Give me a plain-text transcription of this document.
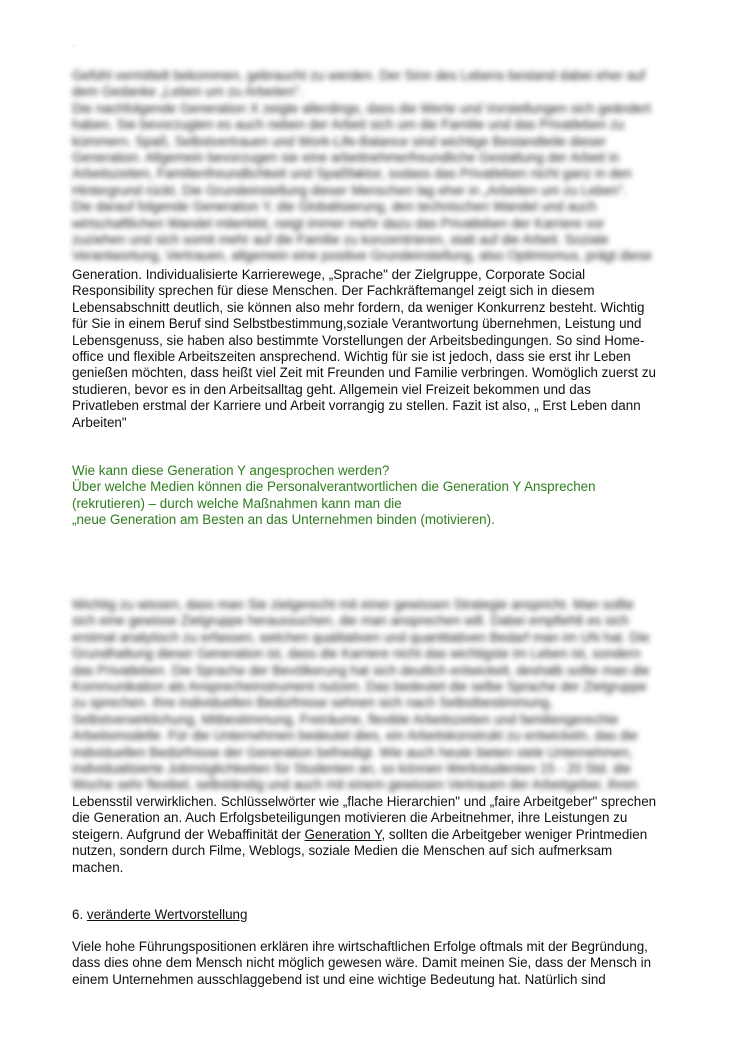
·

Gefühl vermittelt bekommen, gebraucht zu werden. Der Sinn des Lebens bestand dabei eher auf

dem Gedanke „Leben um zu Arbeiten".

Die nachfolgende Generation X zeigte allerdings, dass die Werte und Vorstellungen sich geändert

haben. Sie bevorzugten es auch neben der Arbeit sich um die Familie und das Privatleben zu

kümmern. Spaß, Selbstvertrauen und Work-Life-Balance sind wichtige Bestandteile dieser

Generation. Allgemein bevorzugen sie eine arbeitnehmerfreundliche Gestaltung der Arbeit in

Arbeitszeiten, Familienfreundlichkeit und Spaßfaktor, sodass das Privatleben nicht ganz in den

Hintergrund rückt. Die Grundeinstellung dieser Menschen lag eher in „Arbeiten um zu Leben".

Die darauf folgende Generation Y, die Globalisierung, den technischen Wandel und auch

wirtschaftlichen Wandel miterlebt, neigt immer mehr dazu das Privatleben der Karriere vor

zuziehen und sich somit mehr auf die Familie zu konzentrieren, statt auf die Arbeit. Soziale

Verantwortung, Vertrauen, allgemein eine positive Grundeinstellung, also Optimismus, prägt diese

Generation. Individualisierte Karrierewege, „Sprache" der Zielgruppe, Corporate Social

Responsibility sprechen für diese Menschen. Der Fachkräftemangel zeigt sich in diesem

Lebensabschnitt deutlich, sie können also mehr fordern, da weniger Konkurrenz besteht. Wichtig

für Sie in einem Beruf sind Selbstbestimmung,soziale Verantwortung übernehmen, Leistung und

Lebensgenuss, sie haben also bestimmte Vorstellungen der Arbeitsbedingungen. So sind Home-

office und flexible Arbeitszeiten ansprechend. Wichtig für sie ist jedoch, dass sie erst ihr Leben

genießen möchten, dass heißt viel Zeit mit Freunden und Familie verbringen. Womöglich zuerst zu

studieren, bevor es in den Arbeitsalltag geht. Allgemein viel Freizeit bekommen und das

Privatleben erstmal der Karriere und Arbeit vorrangig zu stellen. Fazit ist also, „ Erst Leben dann

Arbeiten"

Wie kann diese Generation Y angesprochen werden?

Über welche Medien können die Personalverantwortlichen die Generation Y Ansprechen

(rekrutieren) – durch welche Maßnahmen kann man die

„neue Generation am Besten an das Unternehmen binden (motivieren).

Wichtig zu wissen, dass man Sie zielgerecht mit einer gewissen Strategie anspricht. Man sollte

sich eine gewisse Zielgruppe heraussuchen, die man ansprechen will. Dabei empfiehlt es sich

erstmal analytisch zu erfassen, welchen qualitativen und quantitativen Bedarf man im UN hat. Die

Grundhaltung dieser Generation ist, dass die Karriere nicht das wichtigste im Leben ist, sondern

das Privatleben. Die Sprache der Bevölkerung hat sich deutlich entwickelt, deshalb sollte man die

Kommunikation als Ansprecheinstrument nutzen. Das bedeutet die selbe Sprache der Zielgruppe

zu sprechen. Ihre individuellen Bedürfnisse sehnen sich nach Selbstbestimmung,

Selbstverwirklichung, Mitbestimmung, Freiräume, flexible Arbeitszeiten und familiengerechte

Arbeitsmodelle. Für die Unternehmen bedeutet dies, ein Arbeitskonstrukt zu entwickeln, das die

individuellen Bedürfnisse der Generation befriedigt. Wie auch heute bieten viele Unternehmen,

individualisierte Jobmöglichkeiten für Studenten an, so können Werkstudenten 15 - 20 Std. die

Woche sehr flexibel, selbständig und auch mit einem gewissen Vertrauen der Arbeitgeber, ihren

Lebensstil verwirklichen. Schlüsselwörter wie „flache Hierarchien" und „faire Arbeitgeber" sprechen

die Generation an. Auch Erfolgsbeteiligungen motivieren die Arbeitnehmer, ihre Leistungen zu

steigern. Aufgrund der Webaffinität der Generation Y, sollten die Arbeitgeber weniger Printmedien

nutzen, sondern durch Filme, Weblogs, soziale Medien die Menschen auf sich aufmerksam

machen.

6. veränderte Wertvorstellung

Viele hohe Führungspositionen erklären ihre wirtschaftlichen Erfolge oftmals mit der Begründung,

dass dies ohne dem Mensch nicht möglich gewesen wäre. Damit meinen Sie, dass der Mensch in

einem Unternehmen ausschlaggebend ist und eine wichtige Bedeutung hat. Natürlich sind
